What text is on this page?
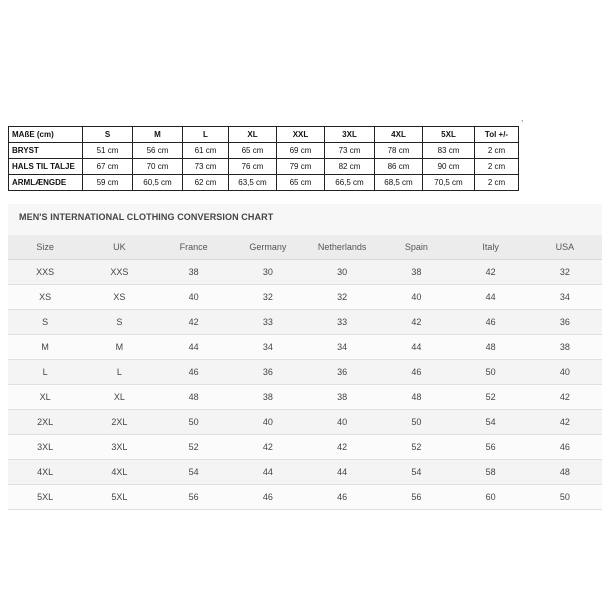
,
MAßE (cm)	S	M	L	XL	XXL	3XL	4XL	5XL	Tol +/-
BRYST	51 cm	56 cm	61 cm	65 cm	69 cm	73 cm	78 cm	83 cm	2 cm
HALS TIL TALJE	67 cm	70 cm	73 cm	76 cm	79 cm	82 cm	86 cm	90 cm	2 cm
ARMLÆNGDE	59 cm	60,5 cm	62 cm	63,5 cm	65 cm	66,5 cm	68,5 cm	70,5 cm	2 cm
MEN'S INTERNATIONAL CLOTHING CONVERSION CHART
Size	UK	France	Germany	Netherlands	Spain	Italy	USA
XXS	XXS	38	30	30	38	42	32
XS	XS	40	32	32	40	44	34
S	S	42	33	33	42	46	36
M	M	44	34	34	44	48	38
L	L	46	36	36	46	50	40
XL	XL	48	38	38	48	52	42
2XL	2XL	50	40	40	50	54	42
3XL	3XL	52	42	42	52	56	46
4XL	4XL	54	44	44	54	58	48
5XL	5XL	56	46	46	56	60	50
